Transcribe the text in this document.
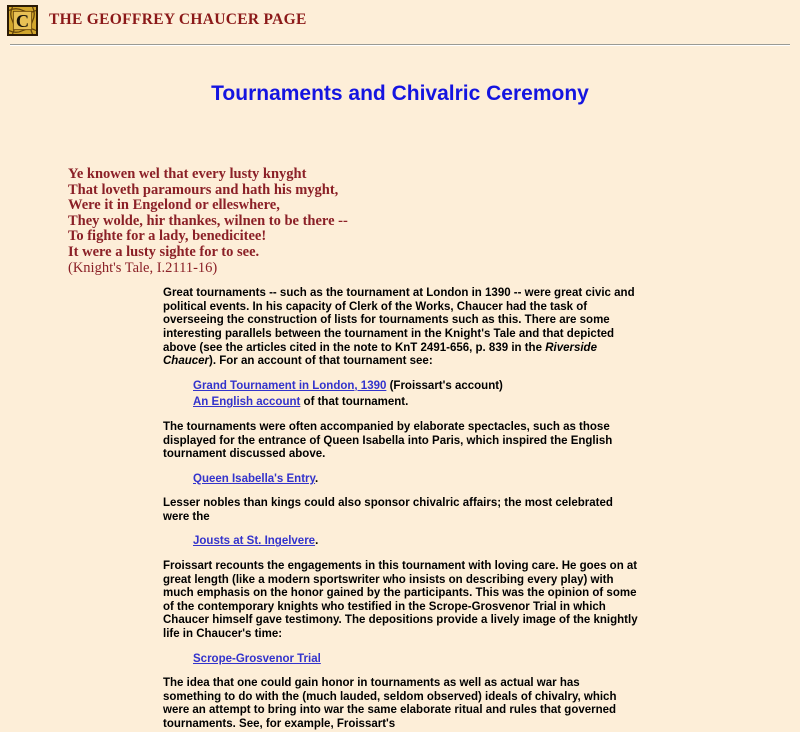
C THE GEOFFREY CHAUCER PAGE
Tournaments and Chivalric Ceremony
Ye knowen wel that every lusty knyght
That loveth paramours and hath his myght,
Were it in Engelond or elleswhere,
They wolde, hir thankes, wilnen to be there --
To fighte for a lady, benedicitee!
It were a lusty sighte for to see.
(Knight's Tale, I.2111-16)

Great tournaments -- such as the tournament at London in 1390 -- were great civic and political events. In his capacity of Clerk of the Works, Chaucer had the task of overseeing the construction of lists for tournaments such as this. There are some interesting parallels between the tournament in the Knight's Tale and that depicted above (see the articles cited in the note to KnT 2491-656, p. 839 in the Riverside Chaucer). For an account of that tournament see:

Grand Tournament in London, 1390 (Froissart's account)
An English account of that tournament.

The tournaments were often accompanied by elaborate spectacles, such as those displayed for the entrance of Queen Isabella into Paris, which inspired the English tournament discussed above.

Queen Isabella's Entry.

Lesser nobles than kings could also sponsor chivalric affairs; the most celebrated were the

Jousts at St. Ingelvere.

Froissart recounts the engagements in this tournament with loving care. He goes on at great length (like a modern sportswriter who insists on describing every play) with much emphasis on the honor gained by the participants. This was the opinion of some of the contemporary knights who testified in the Scrope-Grosvenor Trial in which Chaucer himself gave testimony. The depositions provide a lively image of the knightly life in Chaucer's time:

Scrope-Grosvenor Trial

The idea that one could gain honor in tournaments as well as actual war has something to do with the (much lauded, seldom observed) ideals of chivalry, which were an attempt to bring into war the same elaborate ritual and rules that governed tournaments. See, for example, Froissart's
